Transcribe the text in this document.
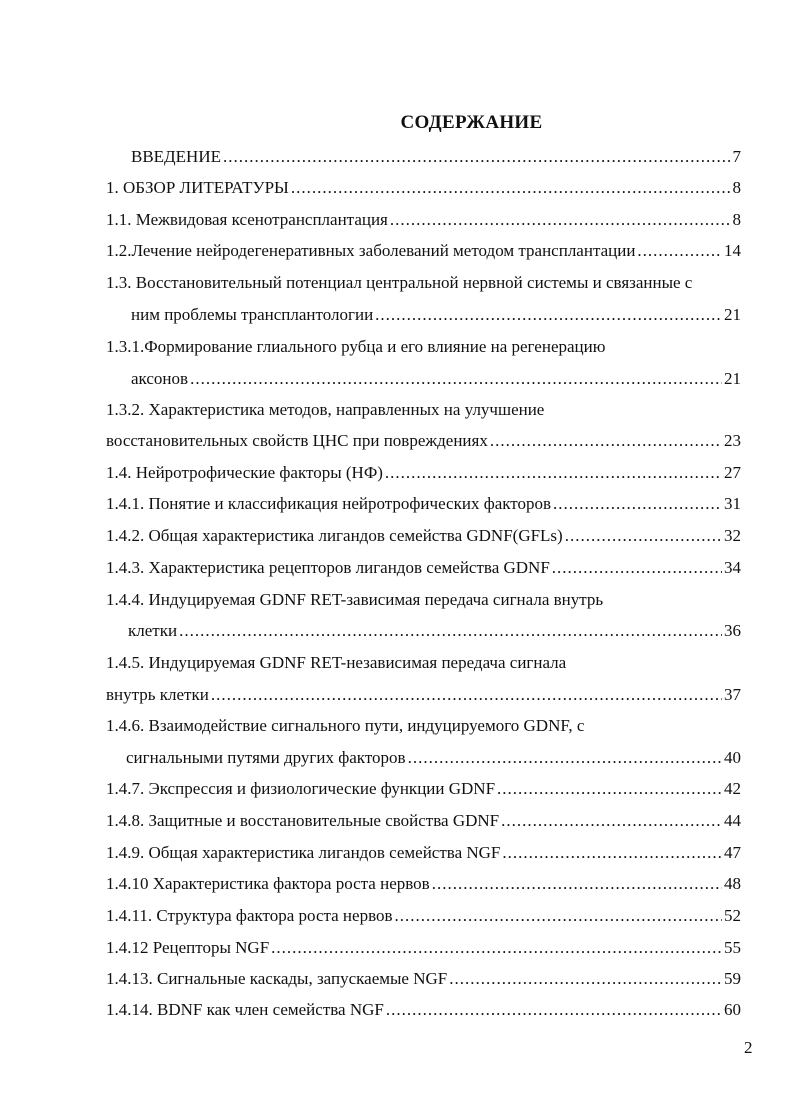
СОДЕРЖАНИЕ
ВВЕДЕНИЕ .....	7
1. ОБЗОР ЛИТЕРАТУРЫ .....	8
1.1. Межвидовая ксенотрансплантация .....	8
1.2.Лечение нейродегенеративных заболеваний методом трансплантации .....	14
1.3. Восстановительный потенциал центральной нервной системы и связанные с
ним проблемы трансплантологии .....	21
1.3.1.Формирование глиального рубца и его влияние на регенерацию
аксонов .....	21
1.3.2. Характеристика методов, направленных на улучшение
восстановительных свойств ЦНС при повреждениях .....	23
1.4. Нейротрофические факторы (НФ) .....	27
1.4.1. Понятие и классификация нейротрофических факторов .....	31
1.4.2. Общая характеристика лигандов семейства GDNF(GFLs) .....	32
1.4.3. Характеристика рецепторов лигандов семейства GDNF .....	34
1.4.4. Индуцируемая GDNF RET-зависимая передача сигнала внутрь
клетки .....	36
1.4.5. Индуцируемая GDNF RET-независимая передача сигнала
внутрь клетки .....	37
1.4.6. Взаимодействие сигнального пути, индуцируемого GDNF, с
сигнальными путями других факторов .....	40
1.4.7. Экспрессия и физиологические функции GDNF .....	42
1.4.8. Защитные и восстановительные свойства GDNF .....	44
1.4.9. Общая характеристика лигандов семейства NGF .....	47
1.4.10 Характеристика фактора роста нервов .....	48
1.4.11. Структура фактора роста нервов .....	52
1.4.12 Рецепторы NGF .....	55
1.4.13. Сигнальные каскады, запускаемые NGF .....	59
1.4.14. BDNF как член семейства NGF .....	60
2
